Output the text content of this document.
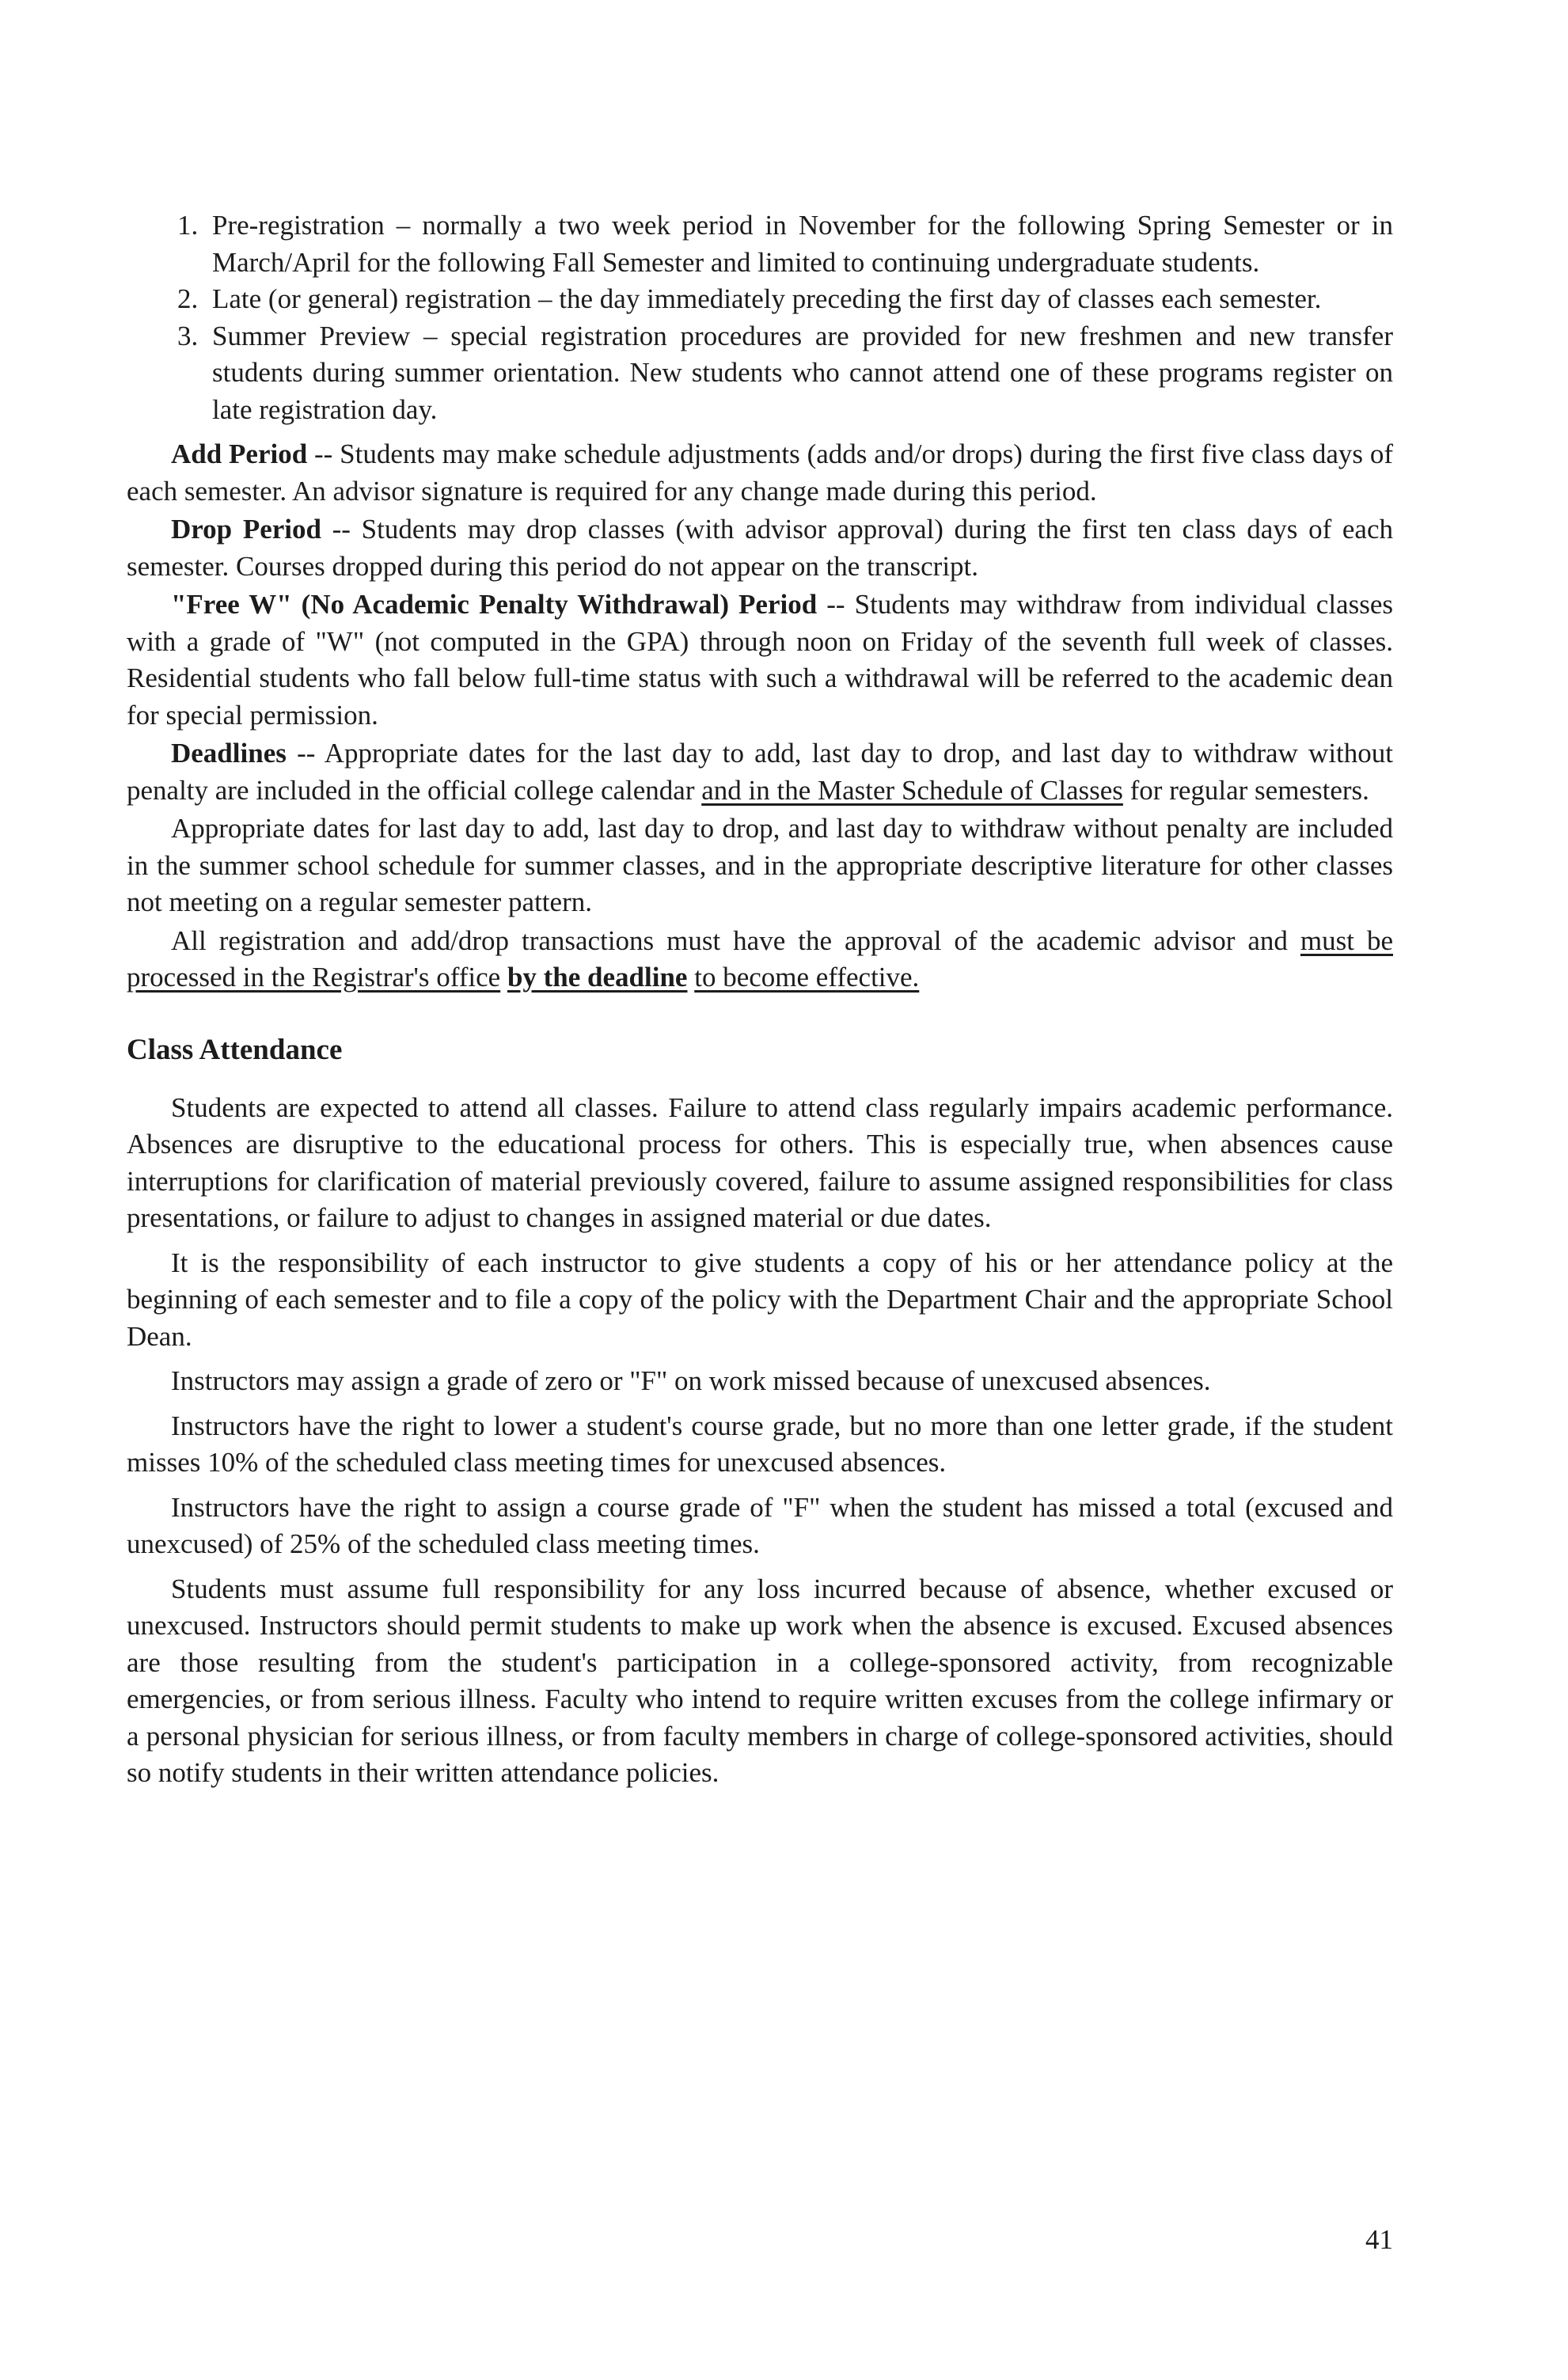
1. Pre-registration – normally a two week period in November for the following Spring Semester or in March/April for the following Fall Semester and limited to continuing undergraduate students.
2. Late (or general) registration – the day immediately preceding the first day of classes each semester.
3. Summer Preview – special registration procedures are provided for new freshmen and new transfer students during summer orientation. New students who cannot attend one of these programs register on late registration day.

Add Period -- Students may make schedule adjustments (adds and/or drops) during the first five class days of each semester. An advisor signature is required for any change made during this period.

Drop Period -- Students may drop classes (with advisor approval) during the first ten class days of each semester. Courses dropped during this period do not appear on the transcript.

"Free W" (No Academic Penalty Withdrawal) Period -- Students may withdraw from individual classes with a grade of "W" (not computed in the GPA) through noon on Friday of the seventh full week of classes. Residential students who fall below full-time status with such a withdrawal will be referred to the academic dean for special permission.

Deadlines -- Appropriate dates for the last day to add, last day to drop, and last day to withdraw without penalty are included in the official college calendar and in the Master Schedule of Classes for regular semesters.

Appropriate dates for last day to add, last day to drop, and last day to withdraw without penalty are included in the summer school schedule for summer classes, and in the appropriate descriptive literature for other classes not meeting on a regular semester pattern.

All registration and add/drop transactions must have the approval of the academic advisor and must be processed in the Registrar's office by the deadline to become effective.

Class Attendance

Students are expected to attend all classes. Failure to attend class regularly impairs academic performance. Absences are disruptive to the educational process for others. This is especially true, when absences cause interruptions for clarification of material previously covered, failure to assume assigned responsibilities for class presentations, or failure to adjust to changes in assigned material or due dates.

It is the responsibility of each instructor to give students a copy of his or her attendance policy at the beginning of each semester and to file a copy of the policy with the Department Chair and the appropriate School Dean.

Instructors may assign a grade of zero or "F" on work missed because of unexcused absences.

Instructors have the right to lower a student's course grade, but no more than one letter grade, if the student misses 10% of the scheduled class meeting times for unexcused absences.

Instructors have the right to assign a course grade of "F" when the student has missed a total (excused and unexcused) of 25% of the scheduled class meeting times.

Students must assume full responsibility for any loss incurred because of absence, whether excused or unexcused. Instructors should permit students to make up work when the absence is excused. Excused absences are those resulting from the student's participation in a college-sponsored activity, from recognizable emergencies, or from serious illness. Faculty who intend to require written excuses from the college infirmary or a personal physician for serious illness, or from faculty members in charge of college-sponsored activities, should so notify students in their written attendance policies.

41
